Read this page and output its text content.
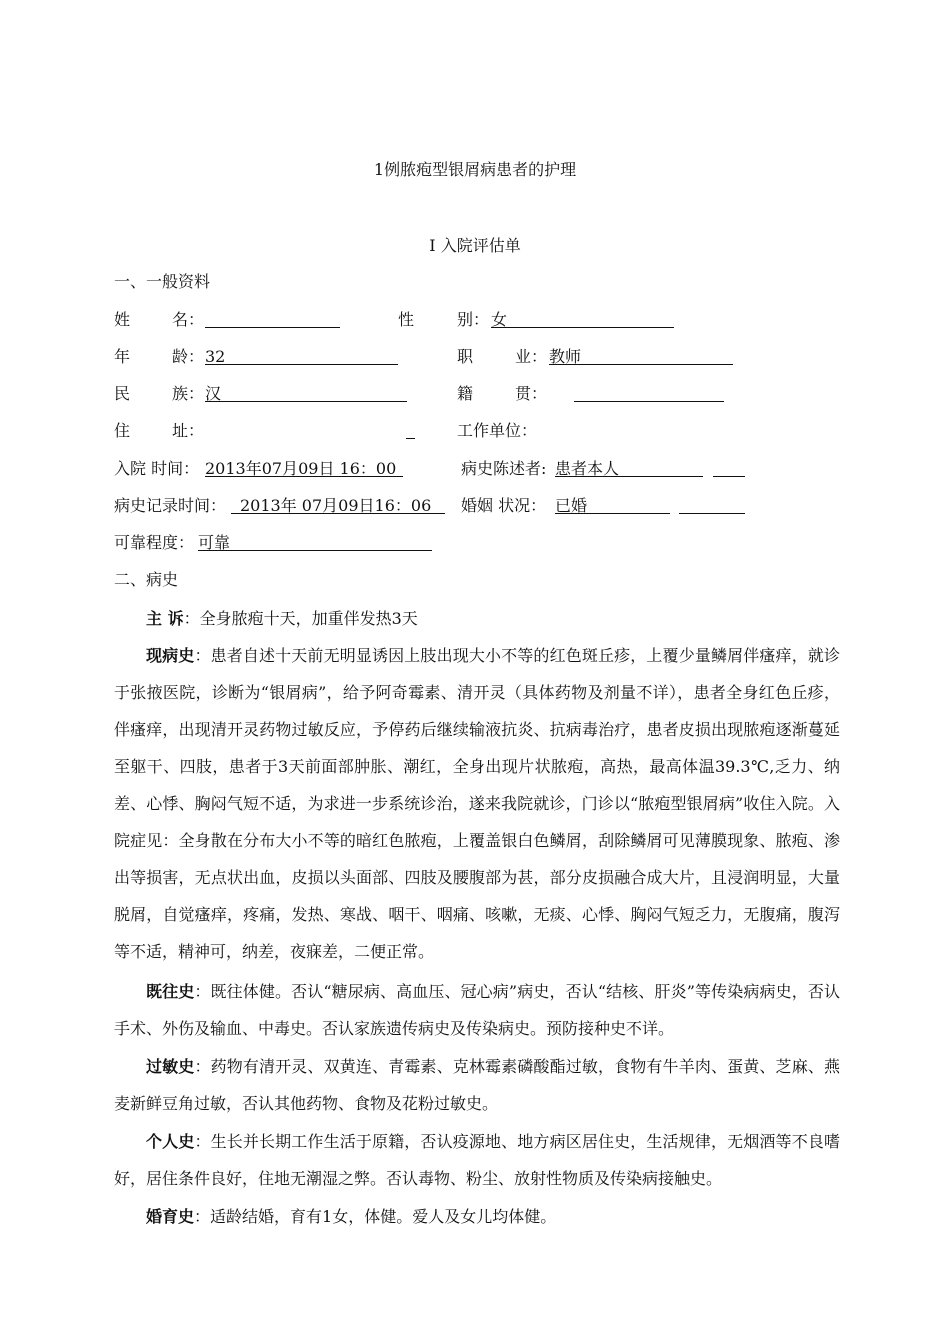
1例脓疱型银屑病患者的护理
Ⅰ 入院评估单
一、一般资料
姓	名：	性	别： 女
年	龄： 32	职	业： 教师
民	族： 汉	籍	贯：
住	址：	工作单位：
入院 时间： 2013年07月09日 16：00	病史陈述者: 患者本人
病史记录时间： 2013年 07月09日16：06 婚姻 状况： 已婚
可靠程度： 可靠
二、病史

主 诉：全身脓疱十天，加重伴发热3天

现病史：患者自述十天前无明显诱因上肢出现大小不等的红色斑丘疹，上覆少量鳞屑伴瘙痒，就诊于张掖医院，诊断为“银屑病”，给予阿奇霉素、清开灵（具体药物及剂量不详），患者全身红色丘疹，伴瘙痒，出现清开灵药物过敏反应，予停药后继续输液抗炎、抗病毒治疗，患者皮损出现脓疱逐渐蔓延至躯干、四肢，患者于3天前面部肿胀、潮红，全身出现片状脓疱，高热，最高体温39.3℃,乏力、纳差、心悸、胸闷气短不适，为求进一步系统诊治，遂来我院就诊，门诊以“脓疱型银屑病”收住入院。入院症见：全身散在分布大小不等的暗红色脓疱，上覆盖银白色鳞屑，刮除鳞屑可见薄膜现象、脓疱、渗出等损害，无点状出血，皮损以头面部、四肢及腰腹部为甚，部分皮损融合成大片，且浸润明显，大量脱屑，自觉瘙痒，疼痛，发热、寒战、咽干、咽痛、咳嗽，无痰、心悸、胸闷气短乏力，无腹痛，腹泻等不适，精神可，纳差，夜寐差，二便正常。

既往史：既往体健。否认“糖尿病、高血压、冠心病”病史，否认“结核、肝炎”等传染病病史，否认手术、外伤及输血、中毒史。否认家族遗传病史及传染病史。预防接种史不详。

过敏史：药物有清开灵、双黄连、青霉素、克林霉素磷酸酯过敏，食物有牛羊肉、蛋黄、芝麻、燕麦新鲜豆角过敏，否认其他药物、食物及花粉过敏史。

个人史：生长并长期工作生活于原籍，否认疫源地、地方病区居住史，生活规律，无烟酒等不良嗜好，居住条件良好，住地无潮湿之弊。否认毒物、粉尘、放射性物质及传染病接触史。

婚育史：适龄结婚，育有1女，体健。爱人及女儿均体健。
